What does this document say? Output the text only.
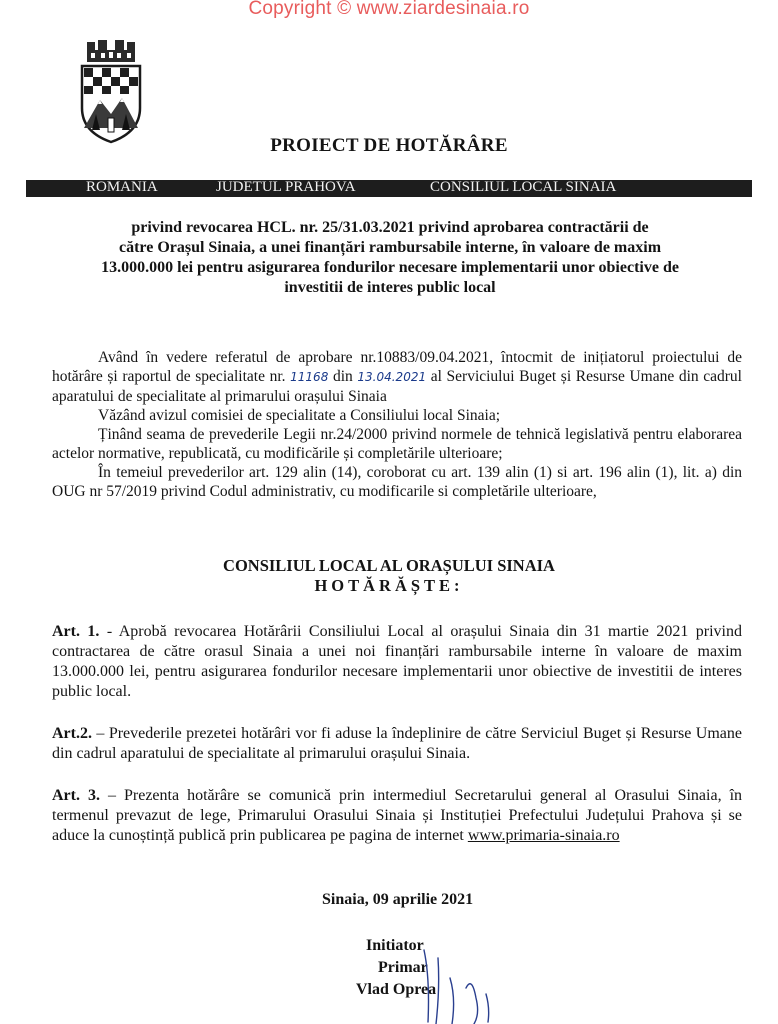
Copyright © www.ziardesinaia.ro
PROIECT DE HOTĂRÂRE
ROMANIA	JUDETUL PRAHOVA	CONSILIUL LOCAL SINAIA
privind revocarea HCL. nr. 25/31.03.2021 privind aprobarea contractării de
către Orașul Sinaia, a unei finanțări rambursabile interne, în valoare de maxim
13.000.000 lei pentru asigurarea fondurilor necesare implementarii unor obiective de
investitii de interes public local

Având în vedere referatul de aprobare nr.10883/09.04.2021, întocmit de inițiatorul proiectului de hotărâre și raportul de specialitate nr. 11168 din 13.04.2021 al Serviciului Buget și Resurse Umane din cadrul aparatului de specialitate al primarului orașului Sinaia

Văzând avizul comisiei de specialitate a Consiliului local Sinaia;

Ținând seama de prevederile Legii nr.24/2000 privind normele de tehnică legislativă pentru elaborarea actelor normative, republicată, cu modificările și completările ulterioare;

În temeiul prevederilor art. 129 alin (14), coroborat cu art. 139 alin (1) si art. 196 alin (1), lit. a) din OUG nr 57/2019 privind Codul administrativ, cu modificarile si completările ulterioare,

CONSILIUL LOCAL AL ORAȘULUI SINAIA
HOTĂRĂȘTE:

Art. 1. - Aprobă revocarea Hotărârii Consiliului Local al orașului Sinaia din 31 martie 2021 privind contractarea de către orasul Sinaia a unei noi finanțări rambursabile interne în valoare de maxim 13.000.000 lei, pentru asigurarea fondurilor necesare implementarii unor obiective de investitii de interes public local.

Art.2. – Prevederile prezetei hotărâri vor fi aduse la îndeplinire de către Serviciul Buget și Resurse Umane din cadrul aparatului de specialitate al primarului orașului Sinaia.

Art. 3. – Prezenta hotărâre se comunică prin intermediul Secretarului general al Orasului Sinaia, în termenul prevazut de lege, Primarului Orasului Sinaia și Instituției Prefectului Județului Prahova și se aduce la cunoștință publică prin publicarea pe pagina de internet www.primaria-sinaia.ro

Sinaia, 09 aprilie 2021
Initiator
Primar
Vlad Oprea
